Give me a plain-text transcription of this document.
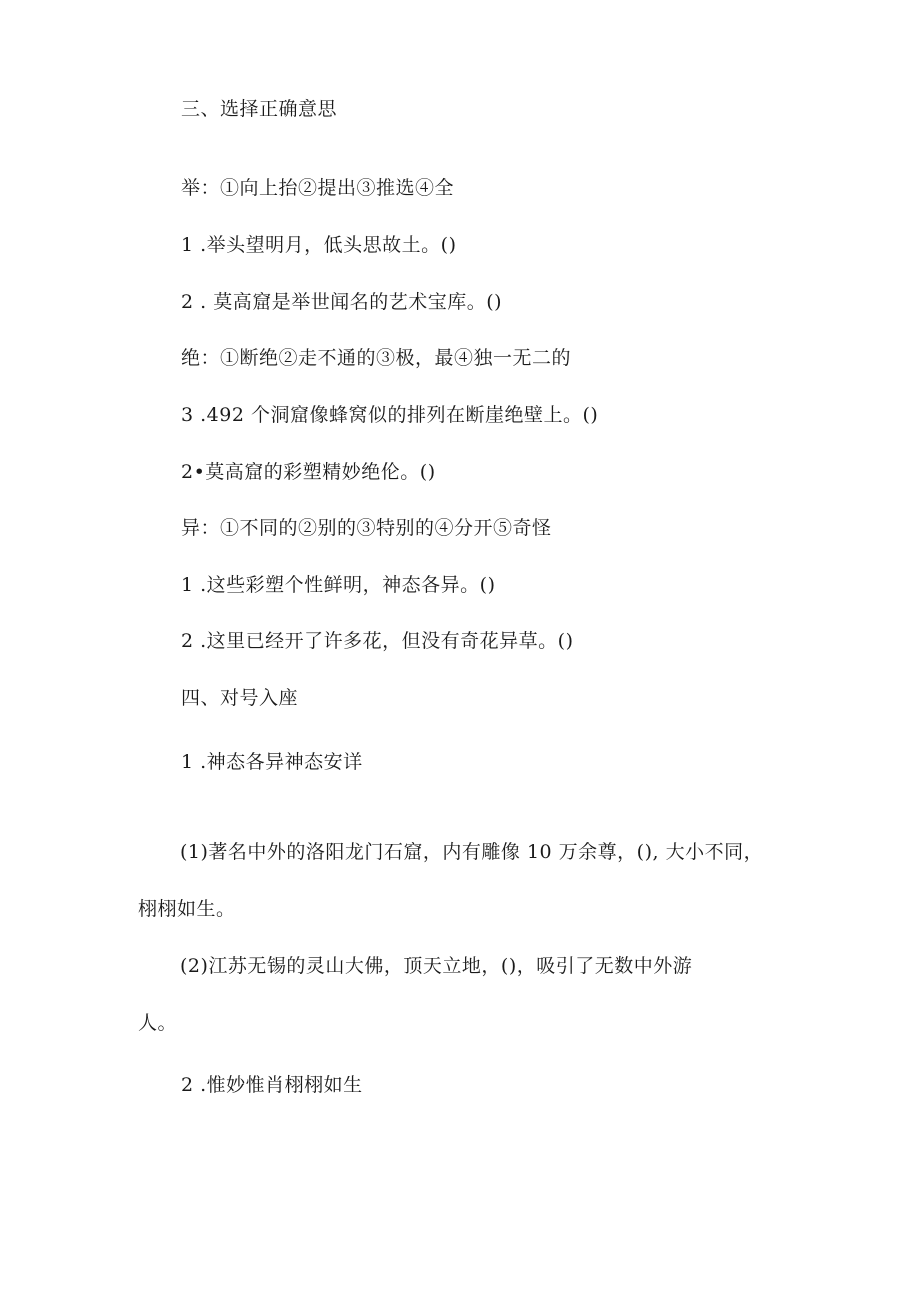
三、选择正确意思
举：①向上抬②提出③推选④全
1 .举头望明月，低头思故土。()
2 . 莫高窟是举世闻名的艺术宝库。()
绝：①断绝②走不通的③极，最④独一无二的
3 .492 个洞窟像蜂窝似的排列在断崖绝壁上。()
2•莫高窟的彩塑精妙绝伦。()
异：①不同的②别的③特别的④分开⑤奇怪
1 .这些彩塑个性鲜明，神态各异。()
2 .这里已经开了许多花，但没有奇花异草。()
四、对号入座
1 .神态各异神态安详
(1)著名中外的洛阳龙门石窟，内有雕像 10 万余尊，(), 大小不同，
栩栩如生。
(2)江苏无锡的灵山大佛，顶天立地，()，吸引了无数中外游
人。
2 .惟妙惟肖栩栩如生
